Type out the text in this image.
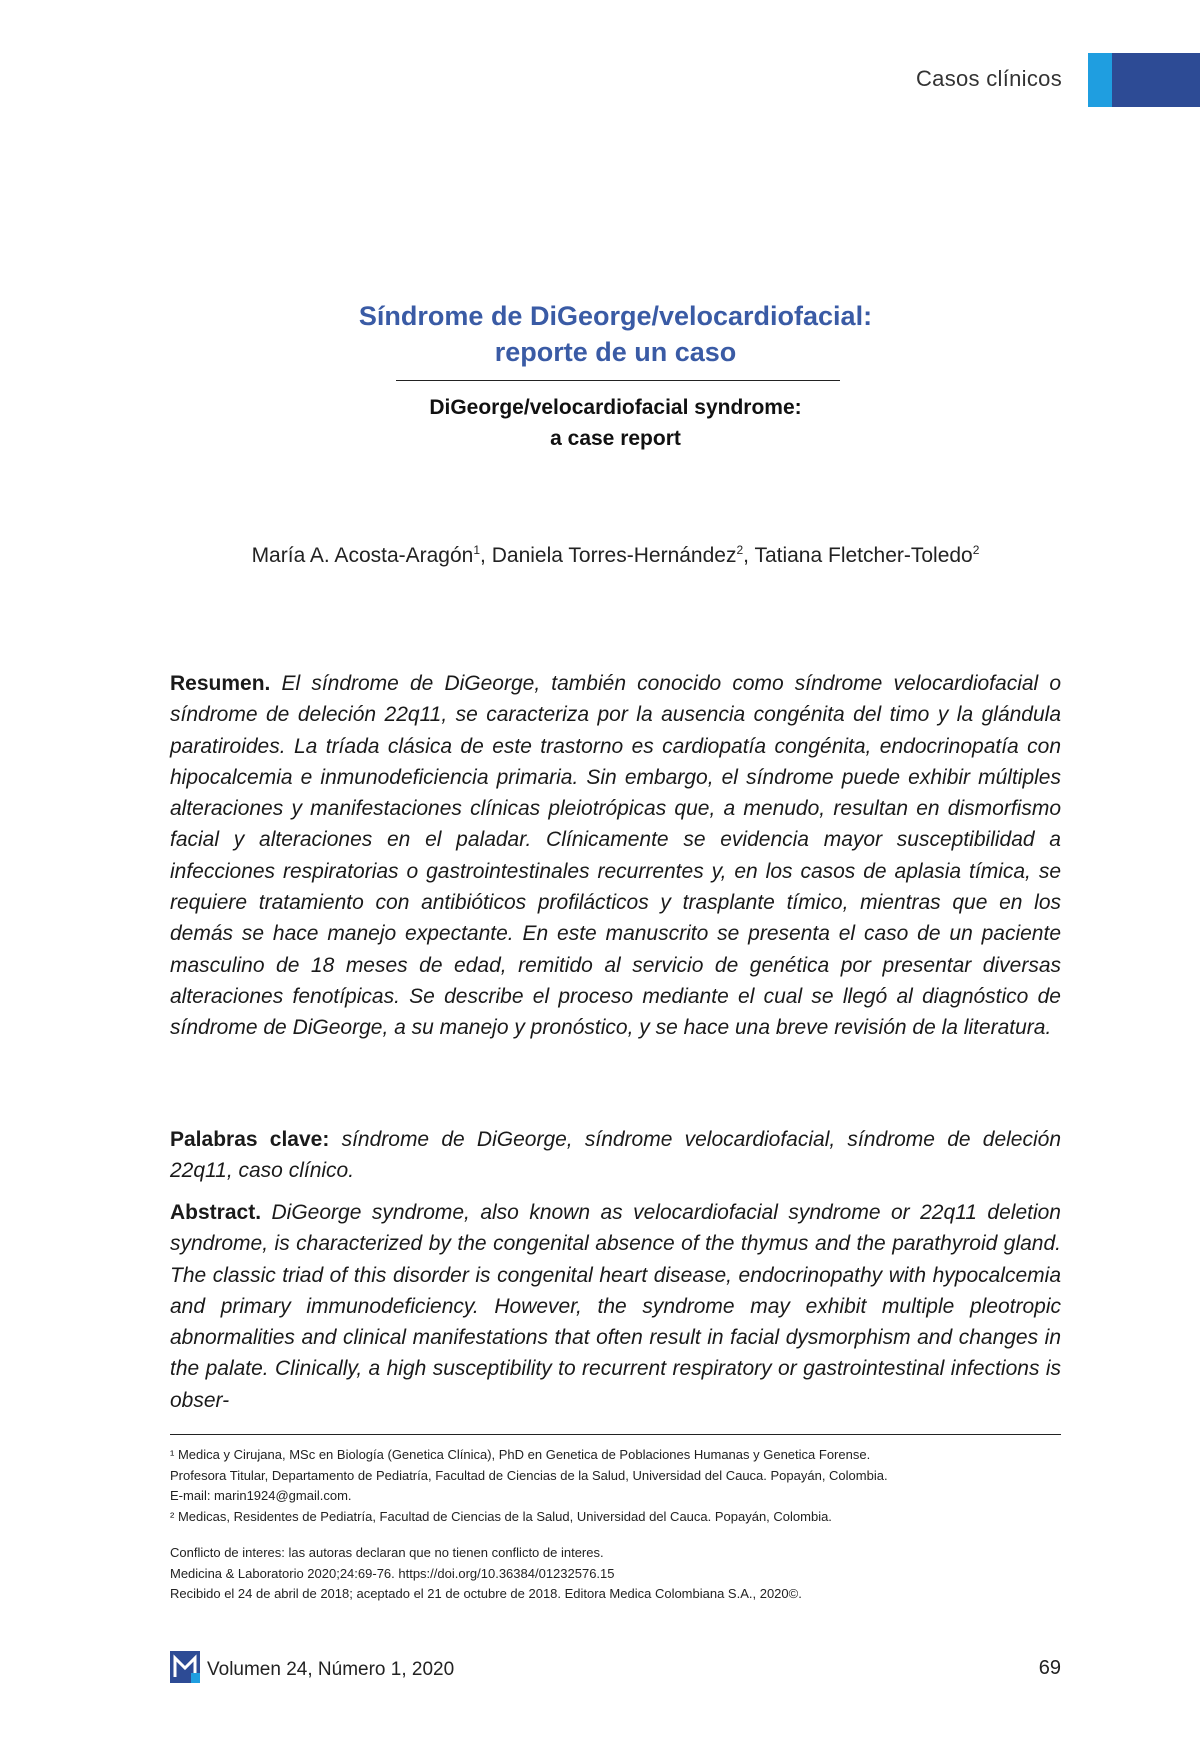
Casos clínicos
Síndrome de DiGeorge/velocardiofacial:
reporte de un caso
DiGeorge/velocardiofacial syndrome:
a case report
María A. Acosta-Aragón$^1$, Daniela Torres-Hernández$^2$, Tatiana Fletcher-Toledo$^2$
Resumen. El síndrome de DiGeorge, también conocido como síndrome velocardiofacial o síndrome de deleción 22q11, se caracteriza por la ausencia congénita del timo y la glándula paratiroides. La tríada clásica de este trastorno es cardiopatía congénita, endocrinopatía con hipocalcemia e inmunodeficiencia primaria. Sin embargo, el síndrome puede exhibir múltiples alteraciones y manifestaciones clínicas pleiotrópicas que, a menudo, resultan en dismorfismo facial y alteraciones en el paladar. Clínicamente se evidencia mayor susceptibilidad a infecciones respiratorias o gastrointestinales recurrentes y, en los casos de aplasia tímica, se requiere tratamiento con antibióticos profilácticos y trasplante tímico, mientras que en los demás se hace manejo expectante. En este manuscrito se presenta el caso de un paciente masculino de 18 meses de edad, remitido al servicio de genética por presentar diversas alteraciones fenotípicas. Se describe el proceso mediante el cual se llegó al diagnóstico de síndrome de DiGeorge, a su manejo y pronóstico, y se hace una breve revisión de la literatura.
Palabras clave: síndrome de DiGeorge, síndrome velocardiofacial, síndrome de deleción 22q11, caso clínico.
Abstract. DiGeorge syndrome, also known as velocardiofacial syndrome or 22q11 deletion syndrome, is characterized by the congenital absence of the thymus and the parathyroid gland. The classic triad of this disorder is congenital heart disease, endocrinopathy with hypocalcemia and primary immunodeficiency. However, the syndrome may exhibit multiple pleotropic abnormalities and clinical manifestations that often result in facial dysmorphism and changes in the palate. Clinically, a high susceptibility to recurrent respiratory or gastrointestinal infections is obser-

¹ Medica y Cirujana, MSc en Biología (Genetica Clínica), PhD en Genetica de Poblaciones Humanas y Genetica Forense.

Profesora Titular, Departamento de Pediatría, Facultad de Ciencias de la Salud, Universidad del Cauca. Popayán, Colombia.

E-mail: marin1924@gmail.com.

² Medicas, Residentes de Pediatría, Facultad de Ciencias de la Salud, Universidad del Cauca. Popayán, Colombia.

Conflicto de interes: las autoras declaran que no tienen conflicto de interes.

Medicina & Laboratorio 2020;24:69-76. https://doi.org/10.36384/01232576.15

Recibido el 24 de abril de 2018; aceptado el 21 de octubre de 2018. Editora Medica Colombiana S.A., 2020©.

Volumen 24, Número 1, 2020	69
